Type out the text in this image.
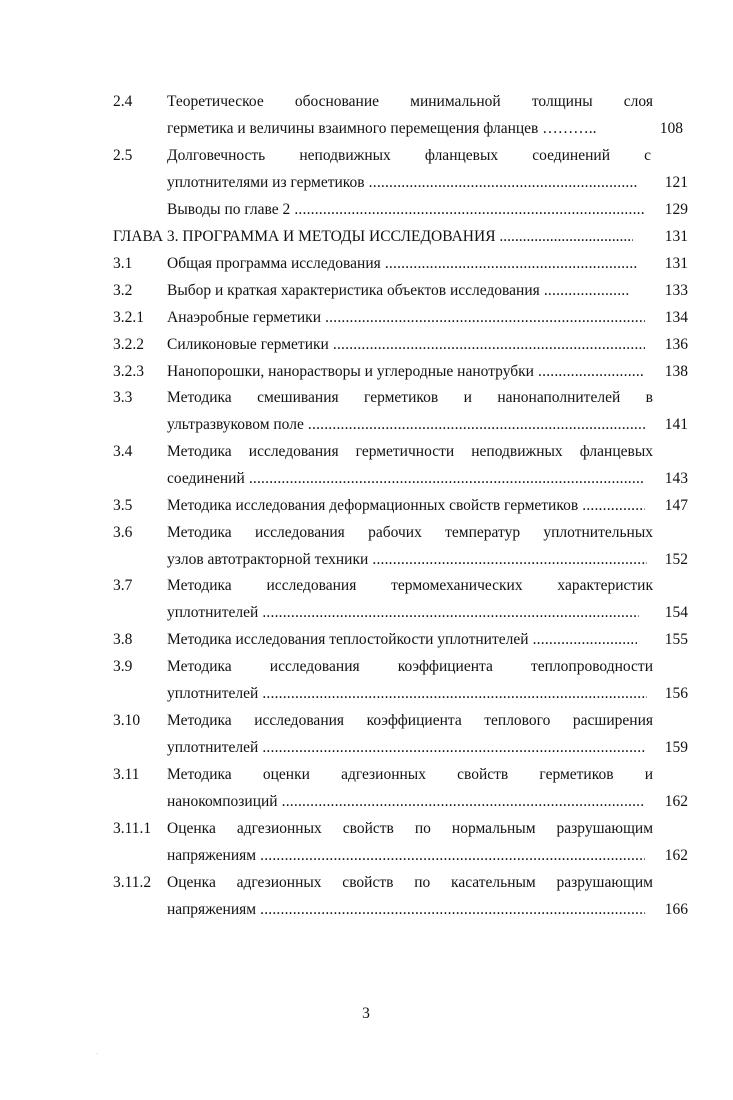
2.4 Теоретическое обоснование минимальной толщины слоя
герметика и величины взаимного перемещения фланцев ………..	108
2.5 Долговечность неподвижных фланцевых соединений с
уплотнителями из герметиков .....	121
Выводы по главе 2 .....	129
ГЛАВА 3. ПРОГРАММА И МЕТОДЫ ИССЛЕДОВАНИЯ .....	131
3.1 Общая программа исследования .....	131
3.2 Выбор и краткая характеристика объектов исследования .....	133
3.2.1 Анаэробные герметики .....	134
3.2.2 Силиконовые герметики .....	136
3.2.3 Нанопорошки, нанорастворы и углеродные нанотрубки .....	138
3.3 Методика смешивания герметиков и нанонаполнителей в
ультразвуковом поле .....	141
3.4 Методика исследования герметичности неподвижных фланцевых
соединений .....	143
3.5 Методика исследования деформационных свойств герметиков .....	147
3.6 Методика исследования рабочих температур уплотнительных
узлов автотракторной техники .....	152
3.7 Методика исследования термомеханических характеристик
уплотнителей .....	154
3.8 Методика исследования теплостойкости уплотнителей .....	155
3.9 Методика исследования коэффициента теплопроводности
уплотнителей .....	156
3.10 Методика исследования коэффициента теплового расширения
уплотнителей .....	159
3.11 Методика оценки адгезионных свойств герметиков и
нанокомпозиций .....	162
3.11.1 Оценка адгезионных свойств по нормальным разрушающим
напряжениям .....	162
3.11.2 Оценка адгезионных свойств по касательным разрушающим
напряжениям .....	166
3
·
